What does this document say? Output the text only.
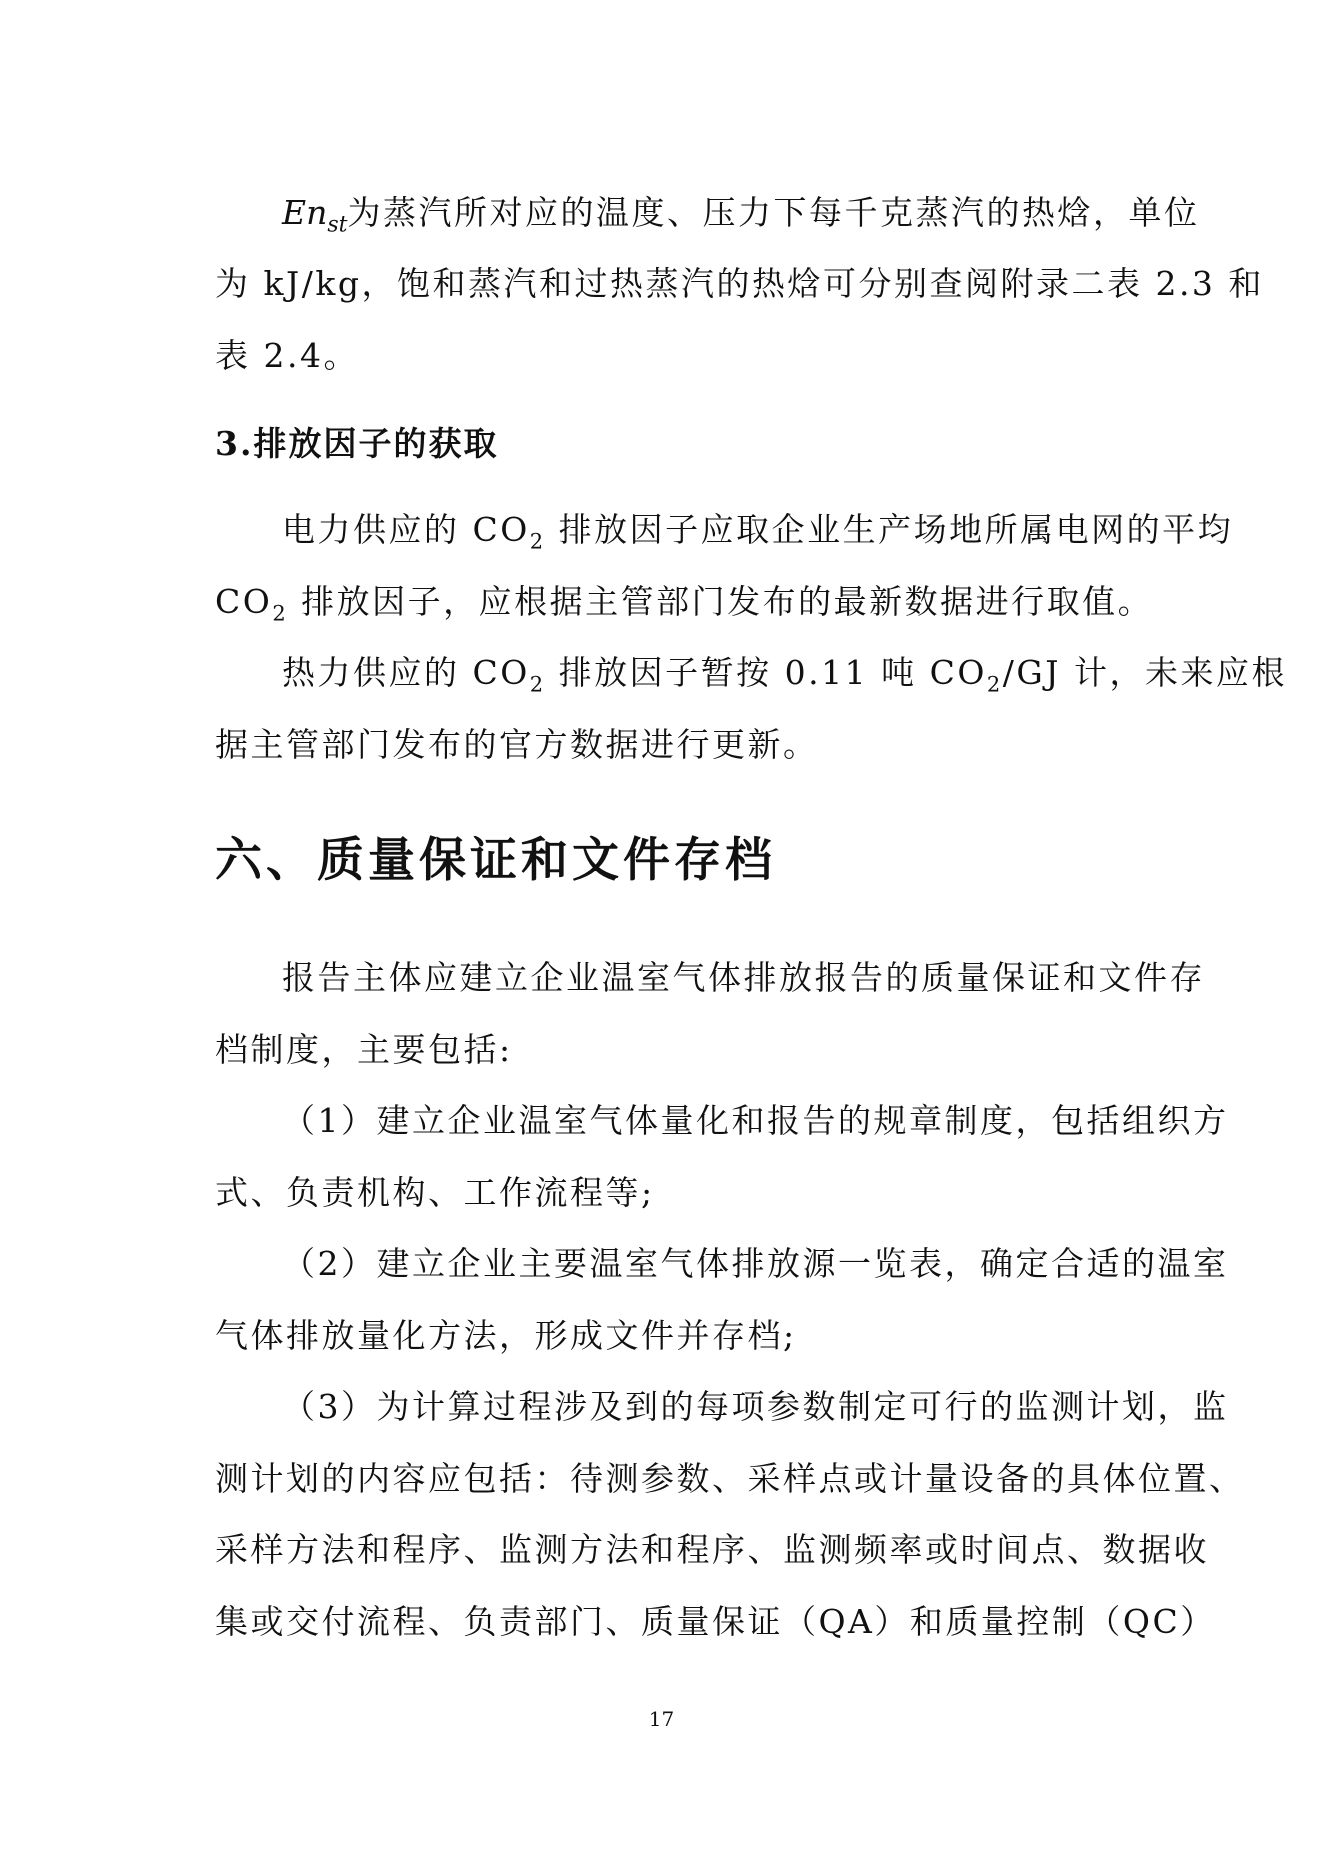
$En_{st}$为蒸汽所对应的温度、压力下每千克蒸汽的热焓，单位
为 kJ/kg，饱和蒸汽和过热蒸汽的热焓可分别查阅附录二表 2.3 和
表 2.4。
3.排放因子的获取
电力供应的 $CO_2$ 排放因子应取企业生产场地所属电网的平均
$CO_2$ 排放因子，应根据主管部门发布的最新数据进行取值。
热力供应的 $CO_2$ 排放因子暂按 0.11 吨 $CO_2/GJ$ 计，未来应根
据主管部门发布的官方数据进行更新。
六、质量保证和文件存档
报告主体应建立企业温室气体排放报告的质量保证和文件存
档制度，主要包括:
（1）建立企业温室气体量化和报告的规章制度，包括组织方
式、负责机构、工作流程等;
（2）建立企业主要温室气体排放源一览表，确定合适的温室
气体排放量化方法，形成文件并存档;
（3）为计算过程涉及到的每项参数制定可行的监测计划，监
测计划的内容应包括：待测参数、采样点或计量设备的具体位置、
采样方法和程序、监测方法和程序、监测频率或时间点、数据收
集或交付流程、负责部门、质量保证（QA）和质量控制（QC）
17
